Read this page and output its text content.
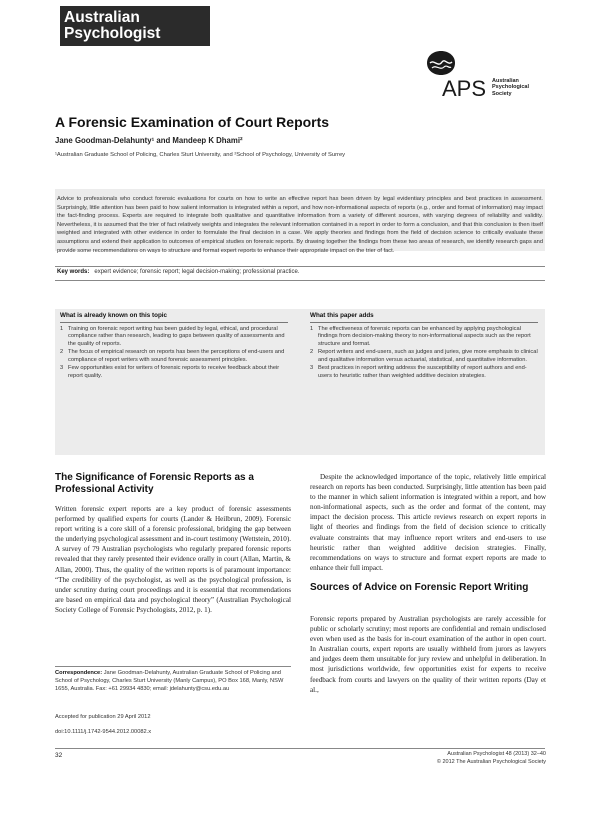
Australian
Psychologist
APS Australian
Psychological
Society
A Forensic Examination of Court Reports
Jane Goodman-Delahunty¹ and Mandeep K Dhami²
¹Australian Graduate School of Policing, Charles Sturt University, and ²School of Psychology, University of Surrey
Advice to professionals who conduct forensic evaluations for courts on how to write an effective report has been driven by legal evidentiary principles and best practices in assessment. Surprisingly, little attention has been paid to how salient information is integrated within a report, and how non-informational aspects of reports (e.g., order and format of information) may impact the fact-finding process. Experts are required to integrate both qualitative and quantitative information from a variety of different sources, with varying degrees of reliability and validity. Nevertheless, it is assumed that the trier of fact relatively weights and integrates the relevant information contained in a report in order to form a conclusion, and that this conclusion is then itself weighted and integrated with other evidence in order to formulate the final decision in a case. We apply theories and findings from the field of decision science to critically evaluate these assumptions and extend their application to outcomes of empirical studies on forensic reports. By drawing together the findings from these two areas of research, we identify research gaps and provide some recommendations on ways to structure and format expert reports to enhance their appropriate impact on the trier of fact.
Key words: expert evidence; forensic report; legal decision-making; professional practice.
What is already known on this topic
1 Training on forensic report writing has been guided by legal, ethical, and procedural compliance rather than research, leading to gaps between quality of assessments and the quality of reports.
2 The focus of empirical research on reports has been the perceptions of end-users and compliance of report writers with sound forensic assessment principles.
3 Few opportunities exist for writers of forensic reports to receive feedback about their report quality.
What this paper adds
1 The effectiveness of forensic reports can be enhanced by applying psychological findings from decision-making theory to non-informational aspects such as the report structure and format.
2 Report writers and end-users, such as judges and juries, give more emphasis to clinical and qualitative information versus actuarial, statistical, and quantitative information.
3 Best practices in report writing address the susceptibility of report authors and end-users to heuristic rather than weighted additive decision strategies.
The Significance of Forensic Reports as a Professional Activity
Written forensic expert reports are a key product of forensic assessments performed by qualified experts for courts (Lander & Heilbrun, 2009). Forensic report writing is a core skill of a forensic professional, bridging the gap between the underlying psychological assessment and in-court testimony (Wettstein, 2010). A survey of 79 Australian psychologists who regularly prepared forensic reports revealed that they rarely presented their evidence orally in court (Allan, Martin, & Allan, 2000). Thus, the quality of the written reports is of paramount importance: “The credibility of the psychologist, as well as the psychological profession, is under scrutiny during court proceedings and it is essential that recommendations are based on empirical data and psychological theory” (Australian Psychological Society College of Forensic Psychologists, 2012, p. 1).
Correspondence: Jane Goodman-Delahunty, Australian Graduate School of Policing and School of Psychology, Charles Sturt University (Manly Campus), PO Box 168, Manly, NSW 1655, Australia. Fax: +61 29934 4830; email: jdelahunty@csu.edu.au
Accepted for publication 29 April 2012
doi:10.1111/j.1742-9544.2012.00082.x
Despite the acknowledged importance of the topic, relatively little empirical research on reports has been conducted. Surprisingly, little attention has been paid to the manner in which salient information is integrated within a report, and how non-informational aspects, such as the order and format of the content, may impact the decision process. This article reviews research on expert reports in light of theories and findings from the field of decision science to critically evaluate constraints that may influence report writers and end-users to use heuristic rather than weighted additive decision strategies. Finally, recommendations on ways to structure and format expert reports are made to enhance their full impact.
Sources of Advice on Forensic Report Writing
Forensic reports prepared by Australian psychologists are rarely accessible for public or scholarly scrutiny; most reports are confidential and remain undisclosed even when used as the basis for in-court examination of the author in open court. In Australian courts, expert reports are usually withheld from jurors as lawyers and judges deem them unsuitable for jury review and unhelpful in deliberation. In most jurisdictions worldwide, few opportunities exist for experts to receive feedback from courts and lawyers on the quality of their written reports (Day et al.,
32	Australian Psychologist 48 (2013) 32–40
© 2012 The Australian Psychological Society
